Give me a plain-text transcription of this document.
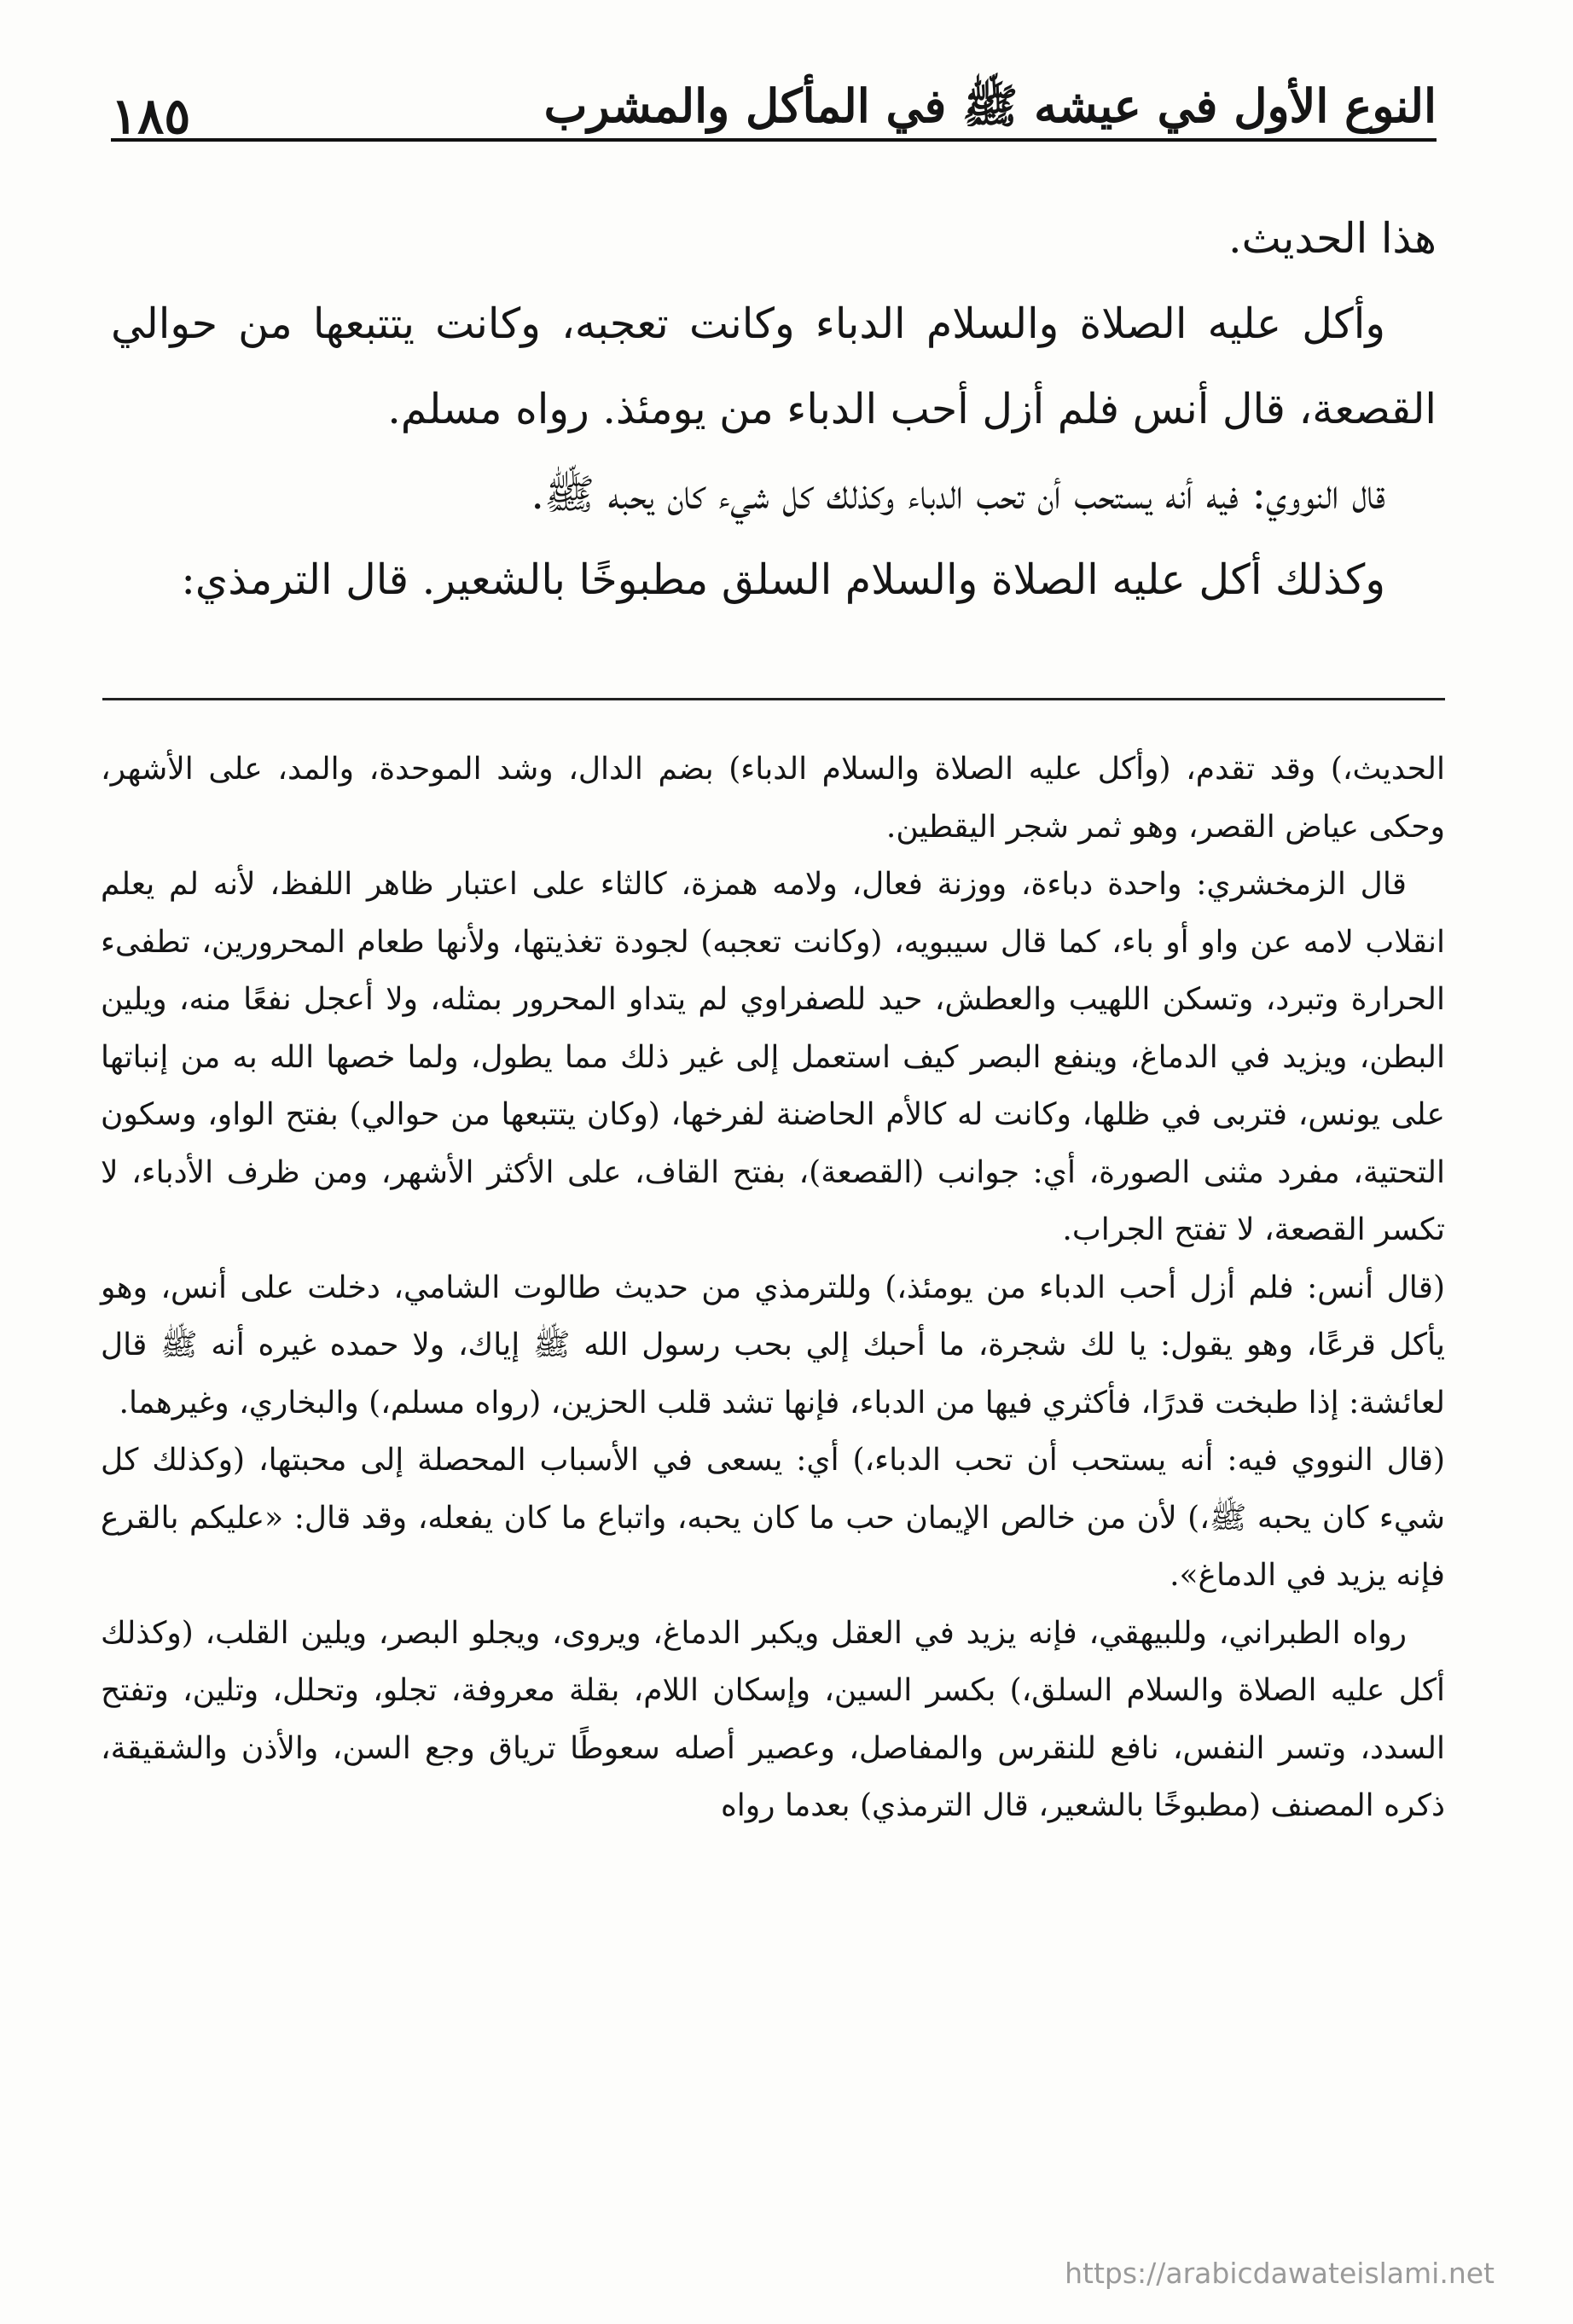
١٨٥	النوع الأول في عيشه ﷺ في المأكل والمشرب

هذا الحديث.

وأكل عليه الصلاة والسلام الدباء وكانت تعجبه، وكانت يتتبعها من حوالي القصعة، قال أنس فلم أزل أحب الدباء من يومئذ. رواه مسلم.

قال النووي: فيه أنه يستحب أن تحب الدباء وكذلك كل شيء كان يحبه ﷺ.

وكذلك أكل عليه الصلاة والسلام السلق مطبوخًا بالشعير. قال الترمذي:

الحديث،) وقد تقدم، (وأكل عليه الصلاة والسلام الدباء) بضم الدال، وشد الموحدة، والمد، على الأشهر، وحكى عياض القصر، وهو ثمر شجر اليقطين.

قال الزمخشري: واحدة دباءة، ووزنة فعال، ولامه همزة، كالثاء على اعتبار ظاهر اللفظ، لأنه لم يعلم انقلاب لامه عن واو أو باء، كما قال سيبويه، (وكانت تعجبه) لجودة تغذيتها، ولأنها طعام المحرورين، تطفىء الحرارة وتبرد، وتسكن اللهيب والعطش، حيد للصفراوي لم يتداو المحرور بمثله، ولا أعجل نفعًا منه، ويلين البطن، ويزيد في الدماغ، وينفع البصر كيف استعمل إلى غير ذلك مما يطول، ولما خصها الله به من إنباتها على يونس، فتربى في ظلها، وكانت له كالأم الحاضنة لفرخها، (وكان يتتبعها من حوالي) بفتح الواو، وسكون التحتية، مفرد مثنى الصورة، أي: جوانب (القصعة)، بفتح القاف، على الأكثر الأشهر، ومن ظرف الأدباء، لا تكسر القصعة، لا تفتح الجراب.

(قال أنس: فلم أزل أحب الدباء من يومئذ،) وللترمذي من حديث طالوت الشامي، دخلت على أنس، وهو يأكل قرعًا، وهو يقول: يا لك شجرة، ما أحبك إلي بحب رسول الله ﷺ إياك، ولا حمده غيره أنه ﷺ قال لعائشة: إذا طبخت قدرًا، فأكثري فيها من الدباء، فإنها تشد قلب الحزين، (رواه مسلم،) والبخاري، وغيرهما.

(قال النووي فيه: أنه يستحب أن تحب الدباء،) أي: يسعى في الأسباب المحصلة إلى محبتها، (وكذلك كل شيء كان يحبه ﷺ،) لأن من خالص الإيمان حب ما كان يحبه، واتباع ما كان يفعله، وقد قال: «عليكم بالقرع فإنه يزيد في الدماغ».

رواه الطبراني، وللبيهقي، فإنه يزيد في العقل ويكبر الدماغ، ويروى، ويجلو البصر، ويلين القلب، (وكذلك أكل عليه الصلاة والسلام السلق،) بكسر السين، وإسكان اللام، بقلة معروفة، تجلو، وتحلل، وتلين، وتفتح السدد، وتسر النفس، نافع للنقرس والمفاصل، وعصير أصله سعوطًا ترياق وجع السن، والأذن والشقيقة، ذكره المصنف (مطبوخًا بالشعير، قال الترمذي) بعدما رواه

https://arabicdawateislami.net
